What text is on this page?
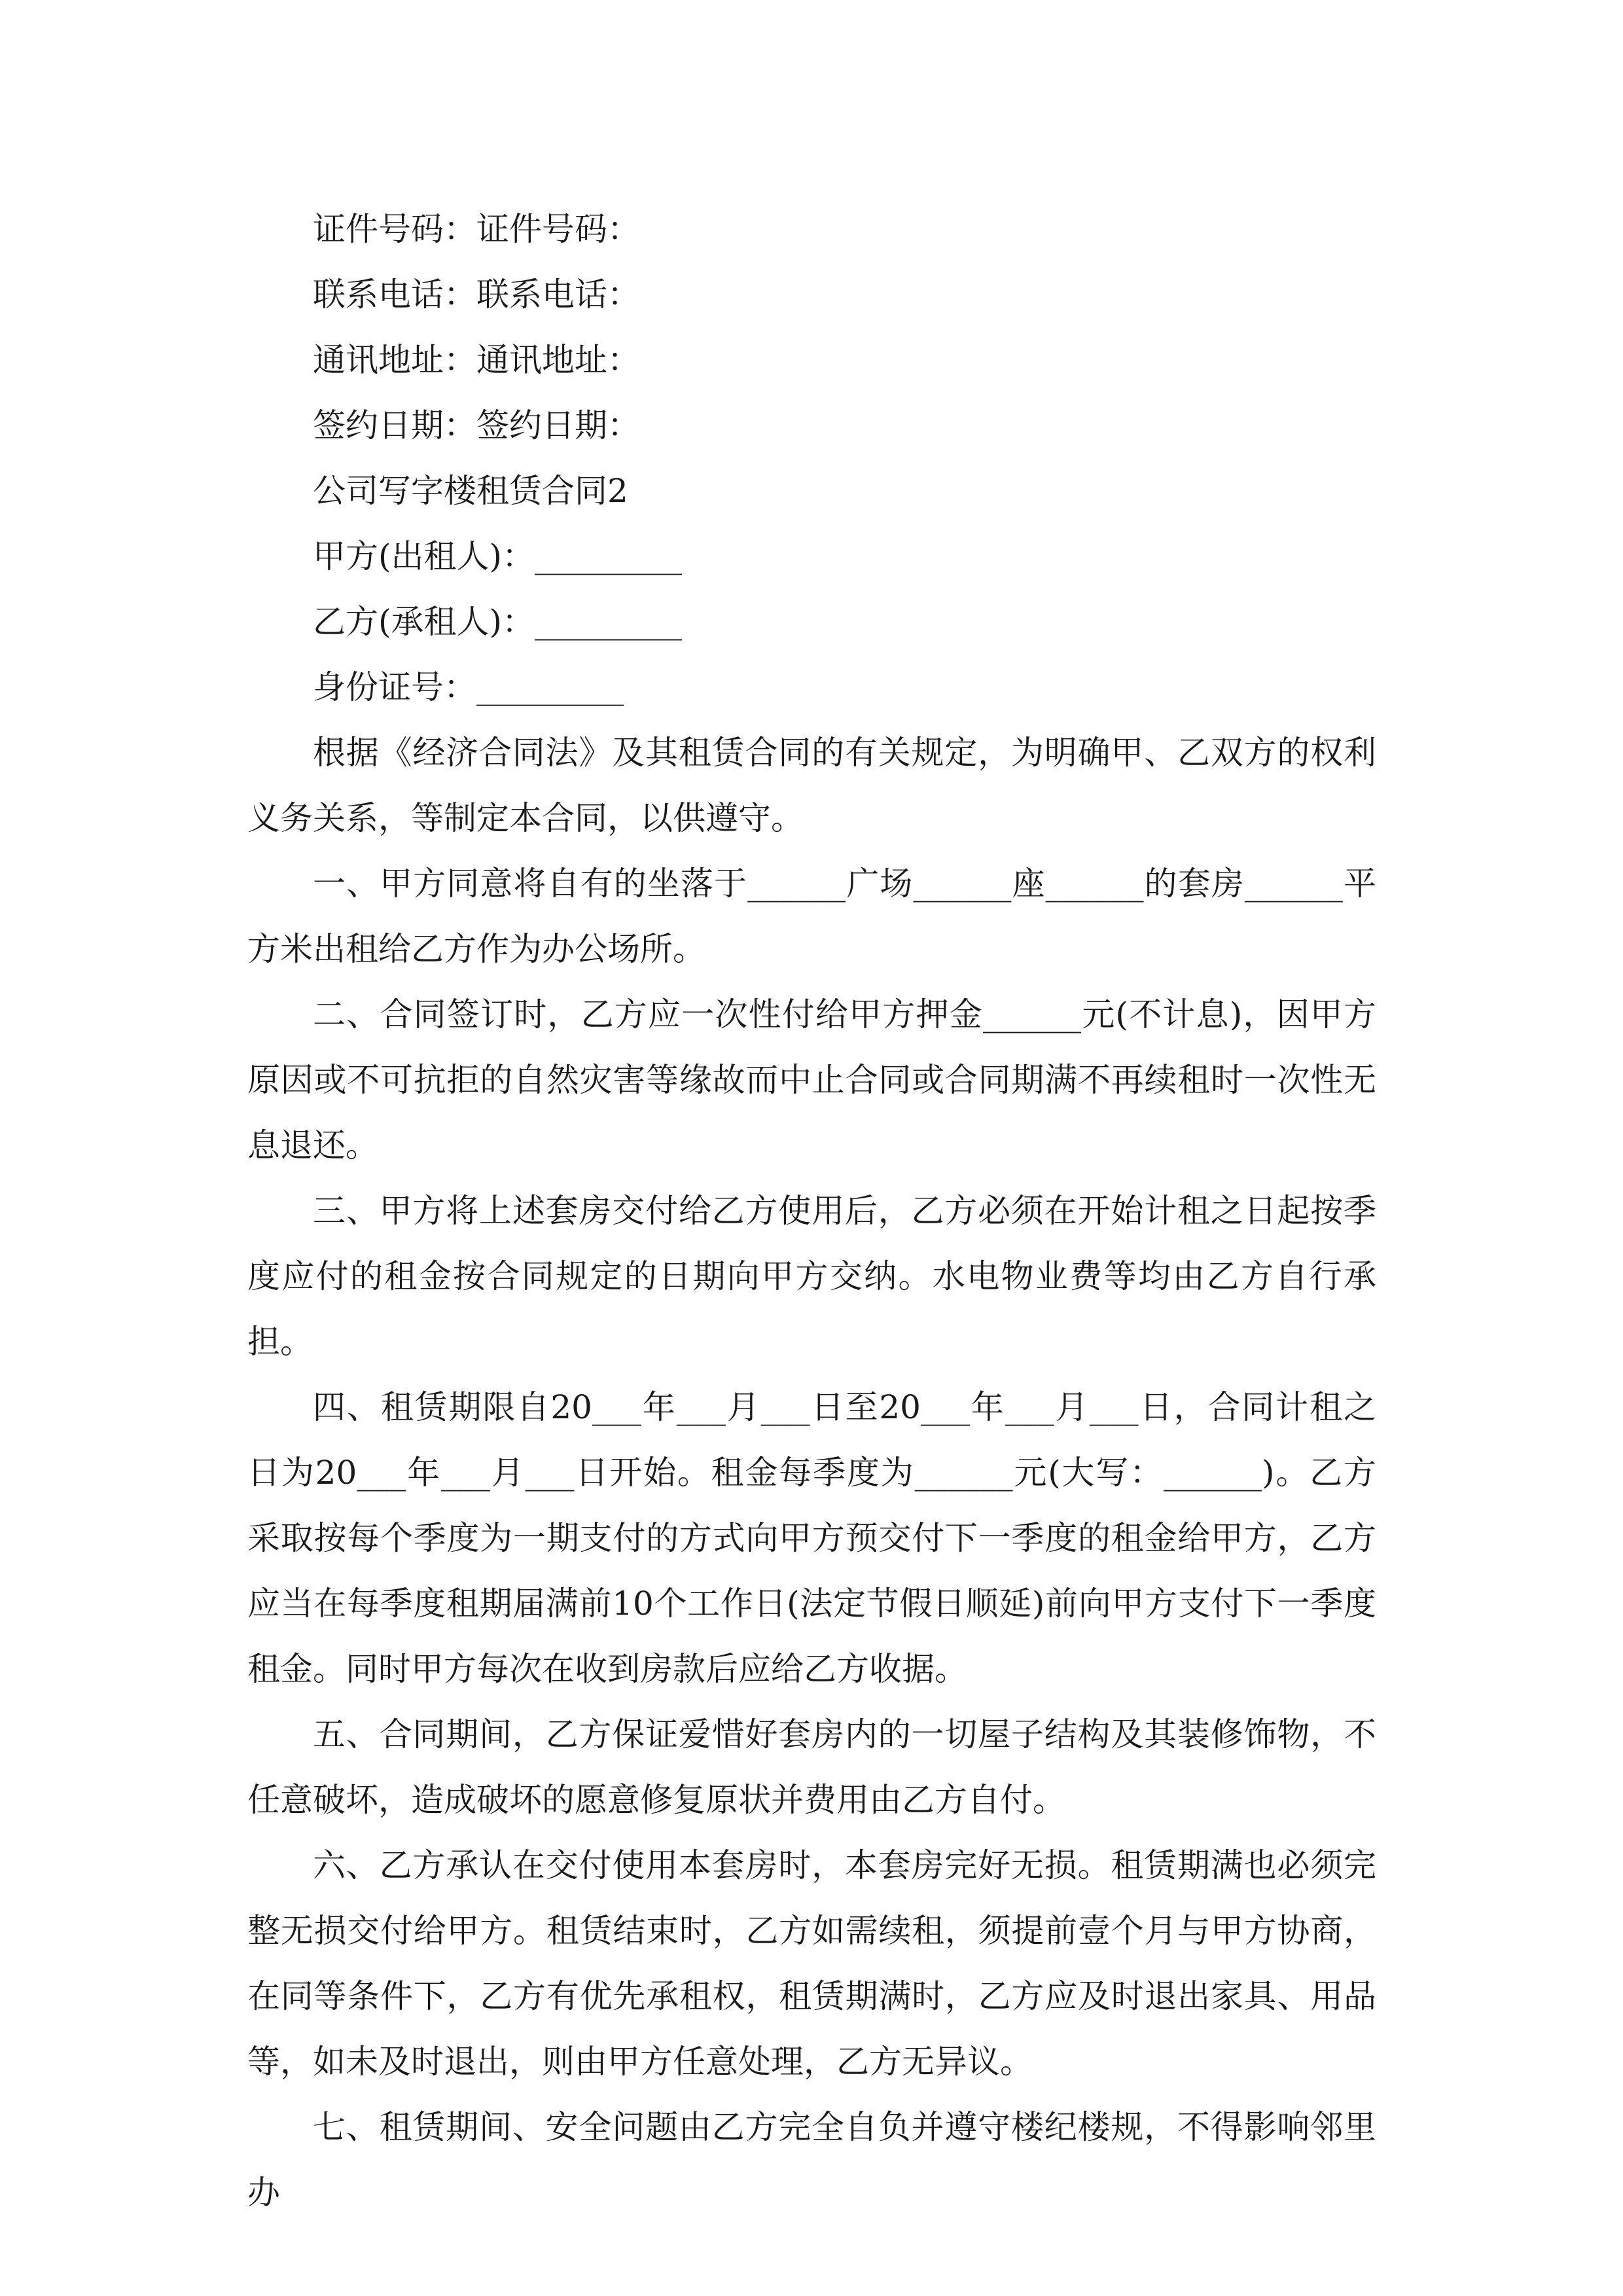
证件号码：证件号码：
联系电话：联系电话：
通讯地址：通讯地址：
签约日期：签约日期：
公司写字楼租赁合同2
甲方(出租人)：_________
乙方(承租人)：_________
身份证号：_________

根据《经济合同法》及其租赁合同的有关规定，为明确甲、乙双方的权利义务关系，等制定本合同，以供遵守。

一、甲方同意将自有的坐落于______广场______座______的套房______平方米出租给乙方作为办公场所。

二、合同签订时，乙方应一次性付给甲方押金______元(不计息)，因甲方原因或不可抗拒的自然灾害等缘故而中止合同或合同期满不再续租时一次性无息退还。

三、甲方将上述套房交付给乙方使用后，乙方必须在开始计租之日起按季度应付的租金按合同规定的日期向甲方交纳。水电物业费等均由乙方自行承担。

四、租赁期限自20___年___月___日至20___年___月___日，合同计租之日为20___年___月___日开始。租金每季度为______元(大写：______)。乙方采取按每个季度为一期支付的方式向甲方预交付下一季度的租金给甲方，乙方应当在每季度租期届满前10个工作日(法定节假日顺延)前向甲方支付下一季度租金。同时甲方每次在收到房款后应给乙方收据。

五、合同期间，乙方保证爱惜好套房内的一切屋子结构及其装修饰物，不任意破坏，造成破坏的愿意修复原状并费用由乙方自付。

六、乙方承认在交付使用本套房时，本套房完好无损。租赁期满也必须完整无损交付给甲方。租赁结束时，乙方如需续租，须提前壹个月与甲方协商，在同等条件下，乙方有优先承租权，租赁期满时，乙方应及时退出家具、用品等，如未及时退出，则由甲方任意处理，乙方无异议。

七、租赁期间、安全问题由乙方完全自负并遵守楼纪楼规，不得影响邻里办
